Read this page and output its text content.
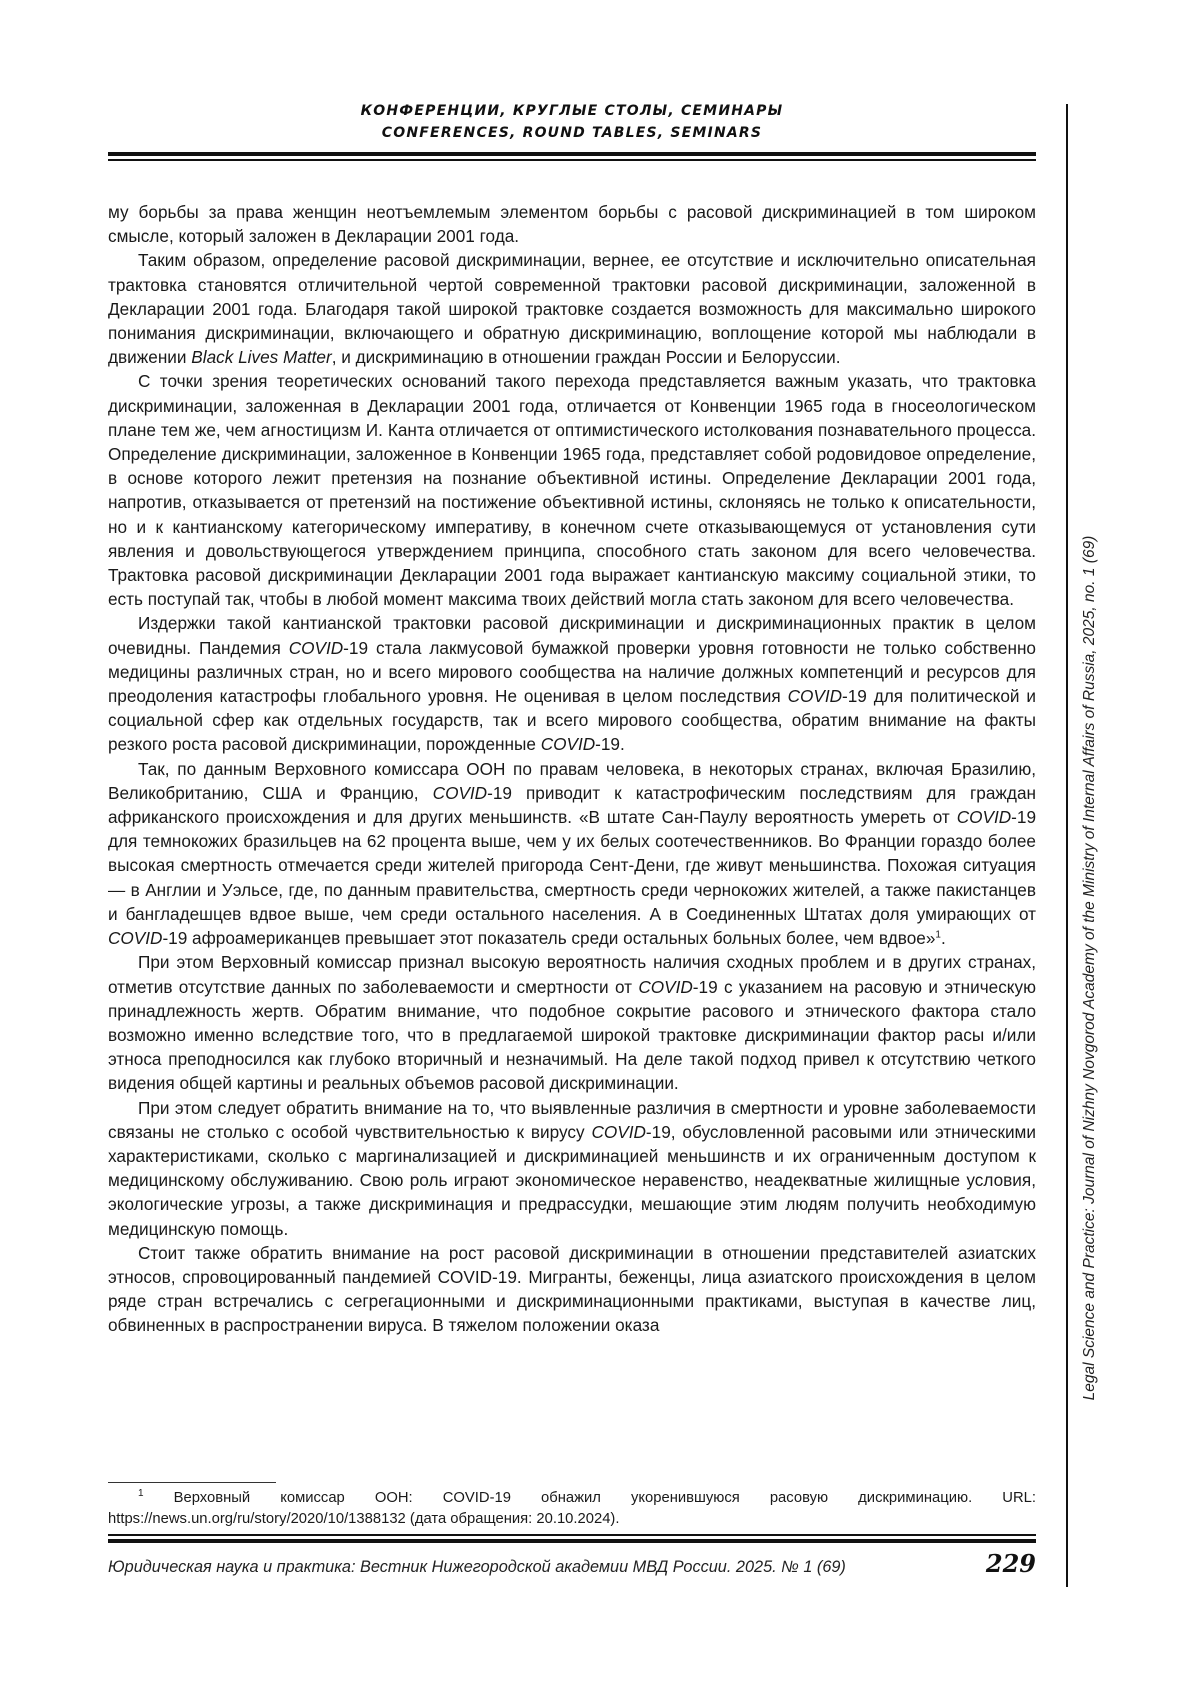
КОНФЕРЕНЦИИ, КРУГЛЫЕ СТОЛЫ, СЕМИНАРЫ
CONFERENCES, ROUND TABLES, SEMINARS
Legal Science and Practice: Journal of Nizhny Novgorod Academy of the Ministry of Internal Affairs of Russia, 2025, no. 1 (69)

му борьбы за права женщин неотъемлемым элементом борьбы с расовой дискриминацией в том широком смысле, который заложен в Декларации 2001 года.

Таким образом, определение расовой дискриминации, вернее, ее отсутствие и исключительно описательная трактовка становятся отличительной чертой современной трактовки расовой дискриминации, заложенной в Декларации 2001 года. Благодаря такой широкой трактовке создается возможность для максимально широкого понимания дискриминации, включающего и обратную дискриминацию, воплощение которой мы наблюдали в движении Black Lives Matter, и дискриминацию в отношении граждан России и Белоруссии.

С точки зрения теоретических оснований такого перехода представляется важным указать, что трактовка дискриминации, заложенная в Декларации 2001 года, отличается от Конвенции 1965 года в гносеологическом плане тем же, чем агностицизм И. Канта отличается от оптимистического истолкования познавательного процесса. Определение дискриминации, заложенное в Конвенции 1965 года, представляет собой родовидовое определение, в основе которого лежит претензия на познание объективной истины. Определение Декларации 2001 года, напротив, отказывается от претензий на постижение объективной истины, склоняясь не только к описательности, но и к кантианскому категорическому императиву, в конечном счете отказывающемуся от установления сути явления и довольствующегося утверждением принципа, способного стать законом для всего человечества. Трактовка расовой дискриминации Декларации 2001 года выражает кантианскую максиму социальной этики, то есть поступай так, чтобы в любой момент максима твоих действий могла стать законом для всего человечества.

Издержки такой кантианской трактовки расовой дискриминации и дискриминационных практик в целом очевидны. Пандемия COVID-19 стала лакмусовой бумажкой проверки уровня готовности не только собственно медицины различных стран, но и всего мирового сообщества на наличие должных компетенций и ресурсов для преодоления катастрофы глобального уровня. Не оценивая в целом последствия COVID-19 для политической и социальной сфер как отдельных государств, так и всего мирового сообщества, обратим внимание на факты резкого роста расовой дискриминации, порожденные COVID-19.

Так, по данным Верховного комиссара ООН по правам человека, в некоторых странах, включая Бразилию, Великобританию, США и Францию, COVID-19 приводит к катастрофическим последствиям для граждан африканского происхождения и для других меньшинств. «В штате Сан-Паулу вероятность умереть от COVID-19 для темнокожих бразильцев на 62 процента выше, чем у их белых соотечественников. Во Франции гораздо более высокая смертность отмечается среди жителей пригорода Сент-Дени, где живут меньшинства. Похожая ситуация — в Англии и Уэльсе, где, по данным правительства, смертность среди чернокожих жителей, а также пакистанцев и бангладешцев вдвое выше, чем среди остального населения. А в Соединенных Штатах доля умирающих от COVID-19 афроамериканцев превышает этот показатель среди остальных больных более, чем вдвое»$^1$.

При этом Верховный комиссар признал высокую вероятность наличия сходных проблем и в других странах, отметив отсутствие данных по заболеваемости и смертности от COVID-19 с указанием на расовую и этническую принадлежность жертв. Обратим внимание, что подобное сокрытие расового и этнического фактора стало возможно именно вследствие того, что в предлагаемой широкой трактовке дискриминации фактор расы и/или этноса преподносился как глубоко вторичный и незначимый. На деле такой подход привел к отсутствию четкого видения общей картины и реальных объемов расовой дискриминации.

При этом следует обратить внимание на то, что выявленные различия в смертности и уровне заболеваемости связаны не столько с особой чувствительностью к вирусу COVID-19, обусловленной расовыми или этническими характеристиками, сколько с маргинализацией и дискриминацией меньшинств и их ограниченным доступом к медицинскому обслуживанию. Свою роль играют экономическое неравенство, неадекватные жилищные условия, экологические угрозы, а также дискриминация и предрассудки, мешающие этим людям получить необходимую медицинскую помощь.

Стоит также обратить внимание на рост расовой дискриминации в отношении представителей азиатских этносов, спровоцированный пандемией COVID-19. Мигранты, беженцы, лица азиатского происхождения в целом ряде стран встречались с сегрегационными и дискриминационными практиками, выступая в качестве лиц, обвиненных в распространении вируса. В тяжелом положении оказа

$^1$ Верховный комиссар ООН: COVID-19 обнажил укоренившуюся расовую дискриминацию. URL: https://news.un.org/ru/story/2020/10/1388132 (дата обращения: 20.10.2024).
Юридическая наука и практика: Вестник Нижегородской академии МВД России. 2025. № 1 (69)	229
